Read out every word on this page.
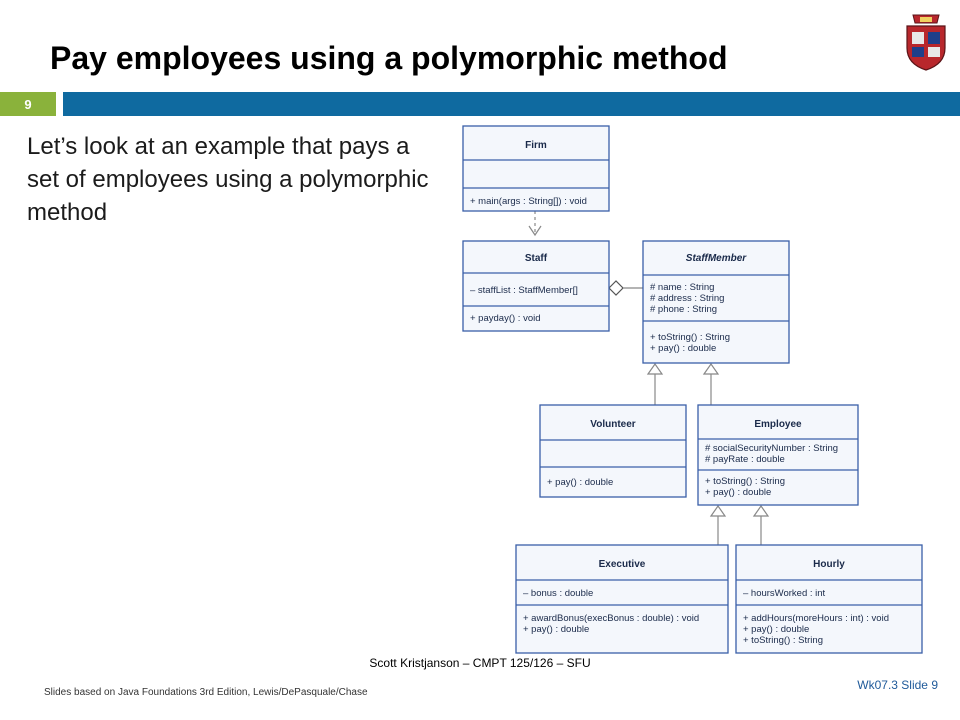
Pay employees using a polymorphic method
9
Let’s look at an example that pays a set of employees using a polymorphic method
Firm
+ main(args : String[]) : void
Staff
– staffList : StaffMember[]
+ payday() : void
StaffMember
# name : String
# address : String
# phone : String
+ toString() : String
+ pay() : double
Volunteer
+ pay() : double
Employee
# socialSecurityNumber : String
# payRate : double
+ toString() : String
+ pay() : double
Executive
– bonus : double
+ awardBonus(execBonus : double) : void
+ pay() : double
Hourly
– hoursWorked : int
+ addHours(moreHours : int) : void
+ pay() : double
+ toString() : String
Scott Kristjanson – CMPT 125/126 – SFU
Slides based on Java Foundations 3rd Edition, Lewis/DePasquale/Chase
Wk07.3 Slide 9
